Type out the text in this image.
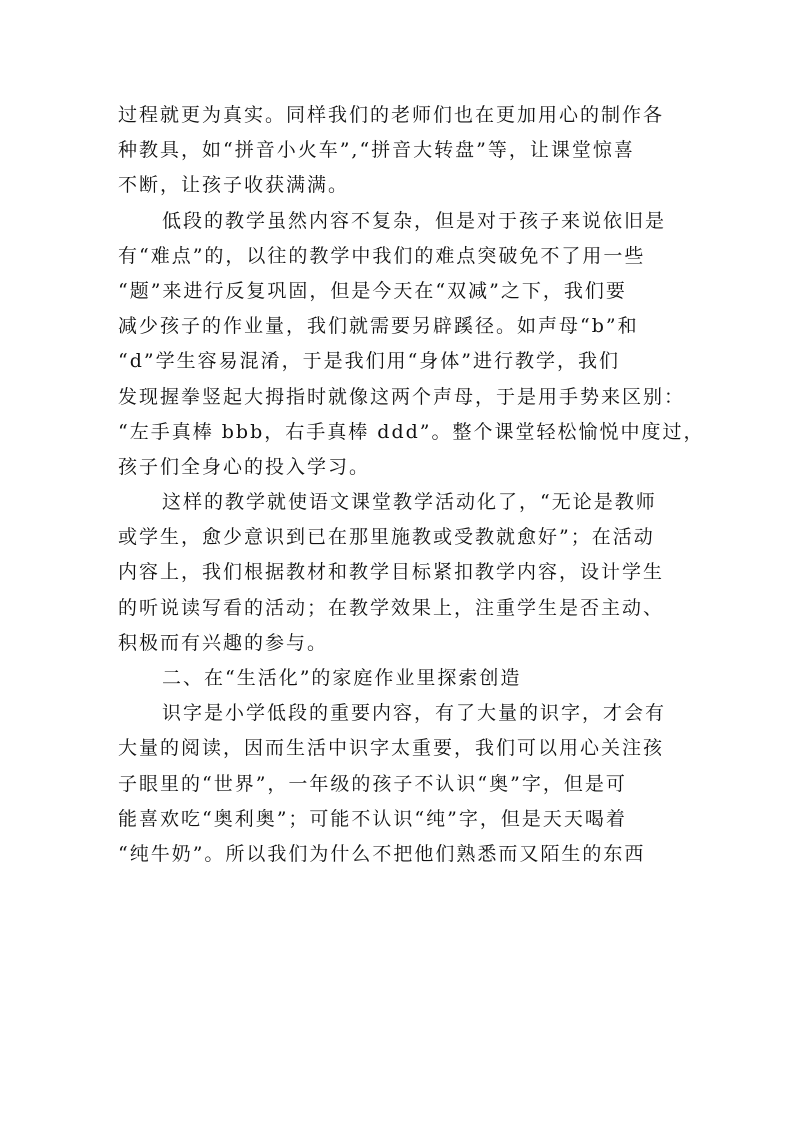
过程就更为真实。同样我们的老师们也在更加用心的制作各
种教具，如“拼音小火车”,“拼音大转盘”等，让课堂惊喜
不断，让孩子收获满满。
低段的教学虽然内容不复杂，但是对于孩子来说依旧是
有“难点”的，以往的教学中我们的难点突破免不了用一些
“题”来进行反复巩固，但是今天在“双减”之下，我们要
减少孩子的作业量，我们就需要另辟蹊径。如声母“b”和
“d”学生容易混淆，于是我们用“身体”进行教学，我们
发现握拳竖起大拇指时就像这两个声母，于是用手势来区别：
“左手真棒 bbb，右手真棒 ddd”。整个课堂轻松愉悦中度过，
孩子们全身心的投入学习。
这样的教学就使语文课堂教学活动化了，“无论是教师
或学生，愈少意识到已在那里施教或受教就愈好”；在活动
内容上，我们根据教材和教学目标紧扣教学内容，设计学生
的听说读写看的活动；在教学效果上，注重学生是否主动、
积极而有兴趣的参与。
二、在“生活化”的家庭作业里探索创造
识字是小学低段的重要内容，有了大量的识字，才会有
大量的阅读，因而生活中识字太重要，我们可以用心关注孩
子眼里的“世界”，一年级的孩子不认识“奥”字，但是可
能喜欢吃“奥利奥”；可能不认识“纯”字，但是天天喝着
“纯牛奶”。所以我们为什么不把他们熟悉而又陌生的东西
